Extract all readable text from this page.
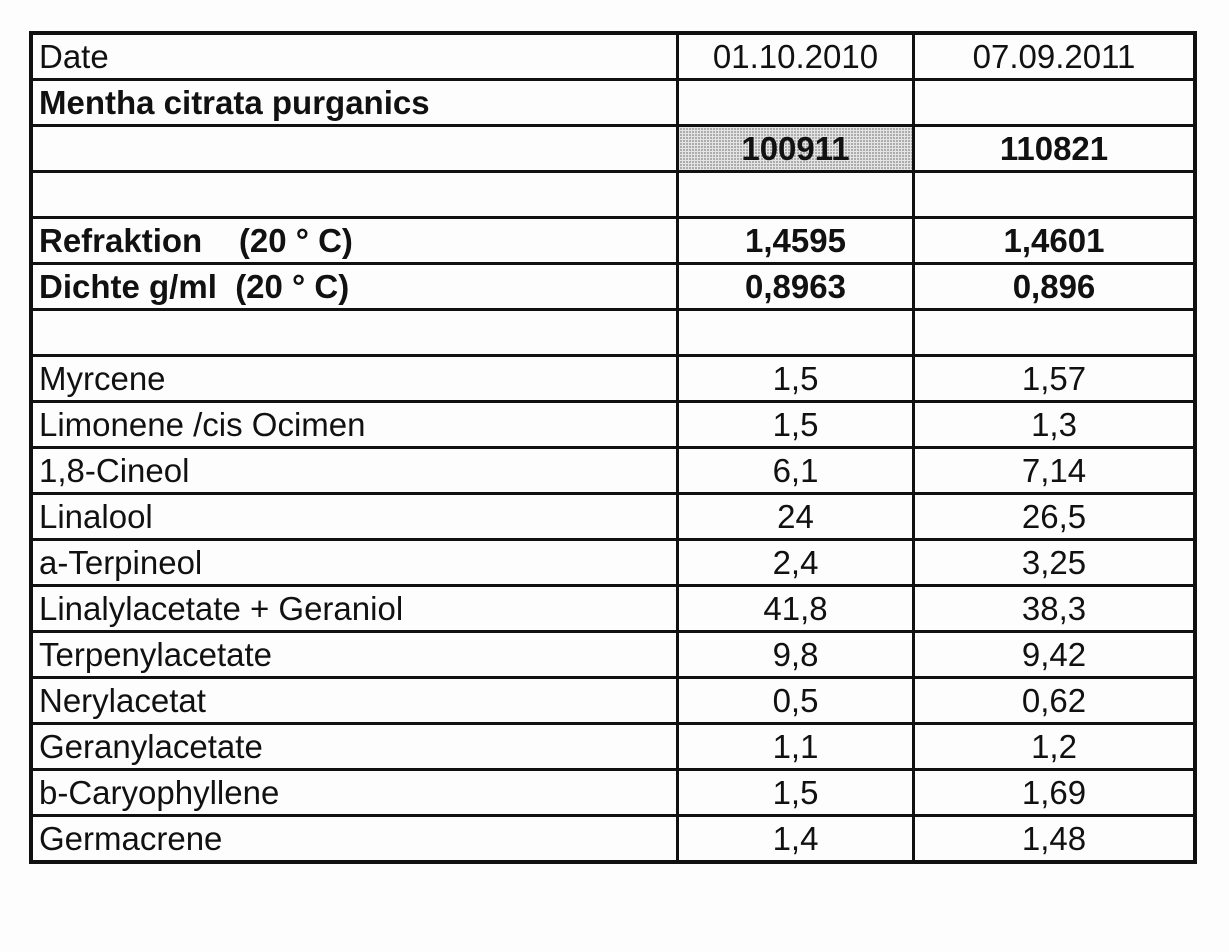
Date	01.10.2010	07.09.2011
Mentha citrata purganics		
	100911	110821

Refraktion    (20 ° C)	1,4595	1,4601
Dichte g/ml  (20 ° C)	0,8963	0,896

Myrcene	1,5	1,57
Limonene /cis Ocimen	1,5	1,3
1,8-Cineol	6,1	7,14
Linalool	24	26,5
a-Terpineol	2,4	3,25
Linalylacetate + Geraniol	41,8	38,3
Terpenylacetate	9,8	9,42
Nerylacetat	0,5	0,62
Geranylacetate	1,1	1,2
b-Caryophyllene	1,5	1,69
Germacrene	1,4	1,48
